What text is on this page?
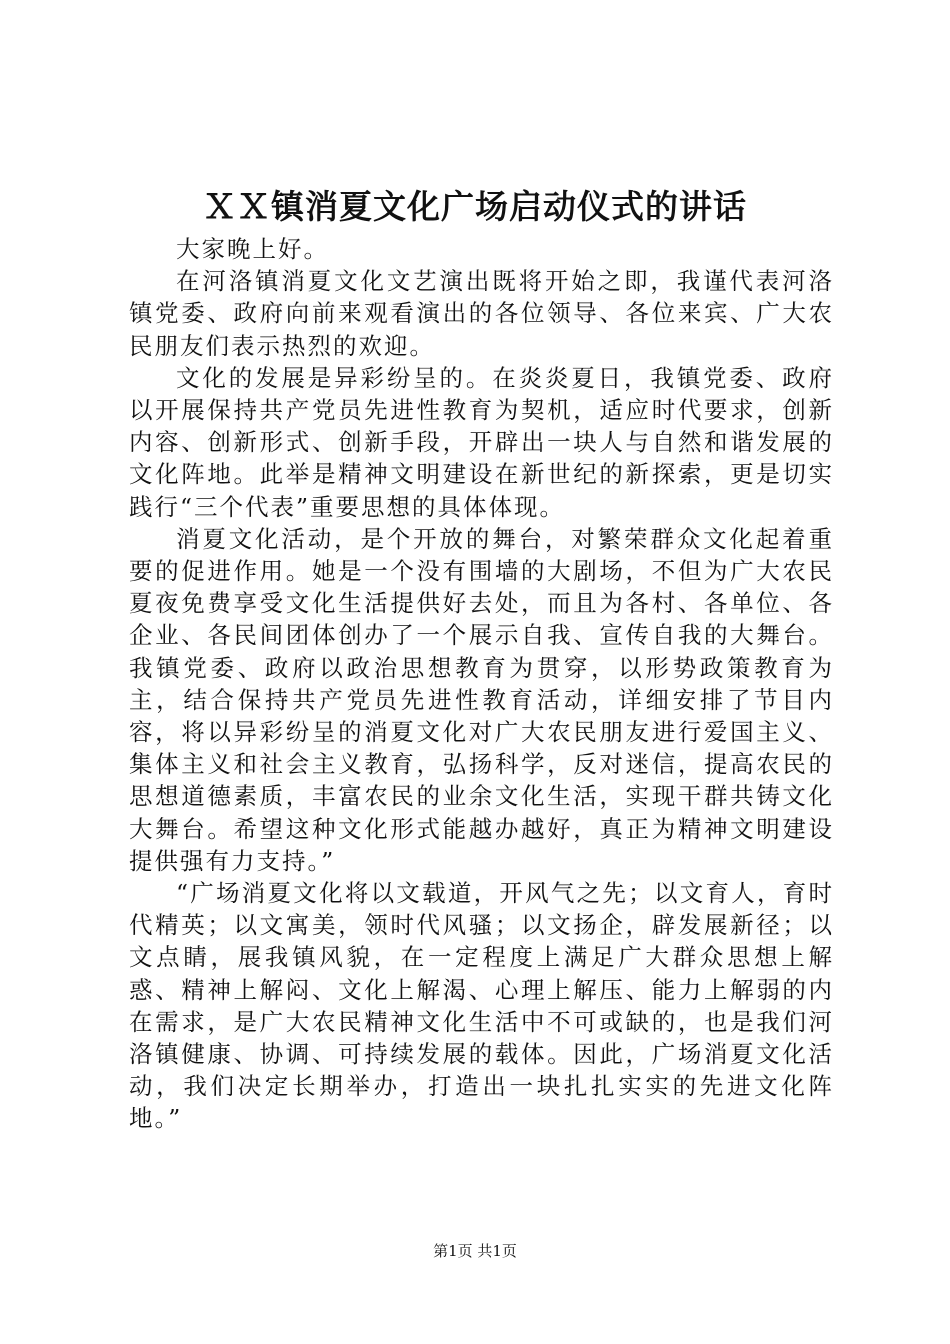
ＸＸ镇消夏文化广场启动仪式的讲话

大家晚上好。

在河洛镇消夏文化文艺演出既将开始之即，我谨代表河洛镇党委、政府向前来观看演出的各位领导、各位来宾、广大农民朋友们表示热烈的欢迎。

文化的发展是异彩纷呈的。在炎炎夏日，我镇党委、政府以开展保持共产党员先进性教育为契机，适应时代要求，创新内容、创新形式、创新手段，开辟出一块人与自然和谐发展的文化阵地。此举是精神文明建设在新世纪的新探索，更是切实践行“三个代表”重要思想的具体体现。

消夏文化活动，是个开放的舞台，对繁荣群众文化起着重要的促进作用。她是一个没有围墙的大剧场，不但为广大农民夏夜免费享受文化生活提供好去处，而且为各村、各单位、各企业、各民间团体创办了一个展示自我、宣传自我的大舞台。我镇党委、政府以政治思想教育为贯穿，以形势政策教育为主，结合保持共产党员先进性教育活动，详细安排了节目内容，将以异彩纷呈的消夏文化对广大农民朋友进行爱国主义、集体主义和社会主义教育，弘扬科学，反对迷信，提高农民的思想道德素质，丰富农民的业余文化生活，实现干群共铸文化大舞台。希望这种文化形式能越办越好，真正为精神文明建设提供强有力支持。”

“广场消夏文化将以文载道，开风气之先；以文育人，育时代精英；以文寓美，领时代风骚；以文扬企，辟发展新径；以文点睛，展我镇风貌，在一定程度上满足广大群众思想上解惑、精神上解闷、文化上解渴、心理上解压、能力上解弱的内在需求，是广大农民精神文化生活中不可或缺的，也是我们河洛镇健康、协调、可持续发展的载体。因此，广场消夏文化活动，我们决定长期举办，打造出一块扎扎实实的先进文化阵地。”

第1页 共1页
